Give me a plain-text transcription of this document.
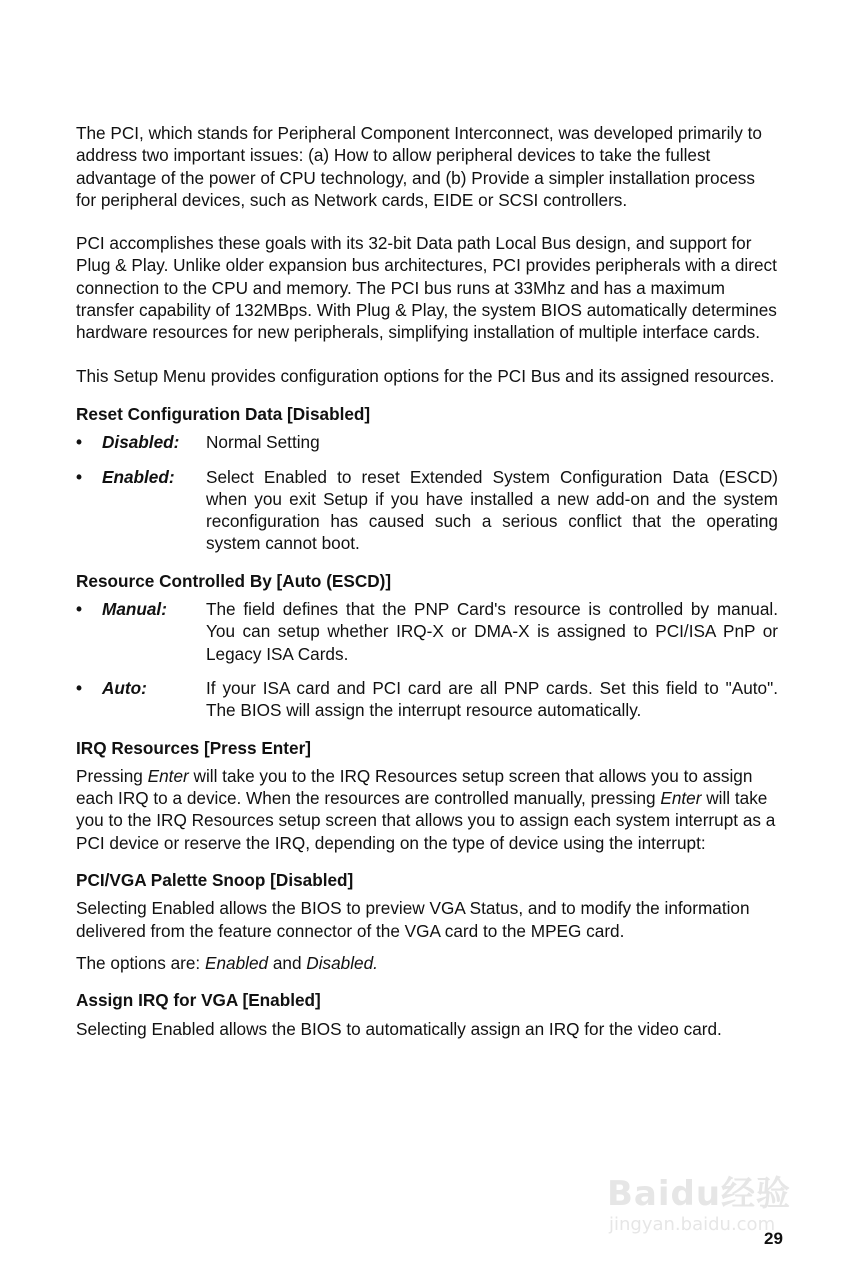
The PCI, which stands for Peripheral Component Interconnect, was developed primarily to address two important issues: (a) How to allow peripheral devices to take the fullest advantage of the power of CPU technology, and (b) Provide a simpler installation process for peripheral devices, such as Network cards, EIDE or SCSI controllers.

PCI accomplishes these goals with its 32-bit Data path Local Bus design, and support for Plug & Play. Unlike older expansion bus architectures, PCI provides peripherals with a direct connection to the CPU and memory. The PCI bus runs at 33Mhz and has a maximum transfer capability of 132MBps. With Plug & Play, the system BIOS automatically determines hardware resources for new peripherals, simplifying installation of multiple interface cards.

This Setup Menu provides configuration options for the PCI Bus and its assigned resources.

Reset Configuration Data [Disabled]
• Disabled: Normal Setting
• Enabled: Select Enabled to reset Extended System Configuration Data (ESCD) when you exit Setup if you have installed a new add-on and the system reconfiguration has caused such a serious conflict that the operating system cannot boot.
Resource Controlled By [Auto (ESCD)]
• Manual: The field defines that the PNP Card's resource is controlled by manual. You can setup whether IRQ-X or DMA-X is assigned to PCI/ISA PnP or Legacy ISA Cards.
• Auto:	If your ISA card and PCI card are all PNP cards. Set this field to "Auto". The BIOS will assign the interrupt resource automatically.
IRQ Resources [Press Enter]

Pressing Enter will take you to the IRQ Resources setup screen that allows you to assign each IRQ to a device. When the resources are controlled manually, pressing Enter will take you to the IRQ Resources setup screen that allows you to assign each system interrupt as a PCI device or reserve the IRQ, depending on the type of device using the interrupt:

PCI/VGA Palette Snoop [Disabled]

Selecting Enabled allows the BIOS to preview VGA Status, and to modify the information delivered from the feature connector of the VGA card to the MPEG card.

The options are: Enabled and Disabled.

Assign IRQ for VGA [Enabled]

Selecting Enabled allows the BIOS to automatically assign an IRQ for the video card.

Baidu经验
jingyan.baidu.com
29
